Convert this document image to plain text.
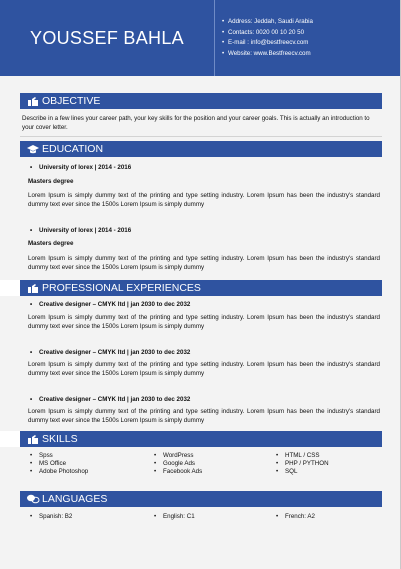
YOUSSEF BAHLA
• Address: Jeddah, Saudi Arabia
• Contacts: 0020 00 10 20 50
• E-mail : info@bestfreecv.com
• Website: www.Bestfreecv.com
OBJECTIVE
Describe in a few lines your career path, your key skills for the position and your career goals. This is actually an introduction to your cover letter.
EDUCATION
• University of lorex | 2014 - 2016
Masters degree
Lorem Ipsum is simply dummy text of the printing and type setting industry. Lorem Ipsum has been the industry's standard dummy text ever since the 1500s Lorem Ipsum is simply dummy
• University of lorex | 2014 - 2016
Masters degree
Lorem Ipsum is simply dummy text of the printing and type setting industry. Lorem Ipsum has been the industry's standard dummy text ever since the 1500s Lorem Ipsum is simply dummy
PROFESSIONAL EXPERIENCES
• Creative designer – CMYK ltd | jan 2030 to dec 2032
Lorem Ipsum is simply dummy text of the printing and type setting industry. Lorem Ipsum has been the industry's standard dummy text ever since the 1500s Lorem Ipsum is simply dummy
• Creative designer – CMYK ltd | jan 2030 to dec 2032
Lorem Ipsum is simply dummy text of the printing and type setting industry. Lorem Ipsum has been the industry's standard dummy text ever since the 1500s Lorem Ipsum is simply dummy
• Creative designer – CMYK ltd | jan 2030 to dec 2032
Lorem Ipsum is simply dummy text of the printing and type setting industry. Lorem Ipsum has been the industry's standard dummy text ever since the 1500s Lorem Ipsum is simply dummy
SKILLS
• Spss
• MS Office
• Adobe Photoshop
• WordPress
• Google Ads
• Facebook Ads
• HTML / CSS
• PHP / PYTHON
• SQL
LANGUAGES
• Spanish: B2	• English: C1	• French: A2
